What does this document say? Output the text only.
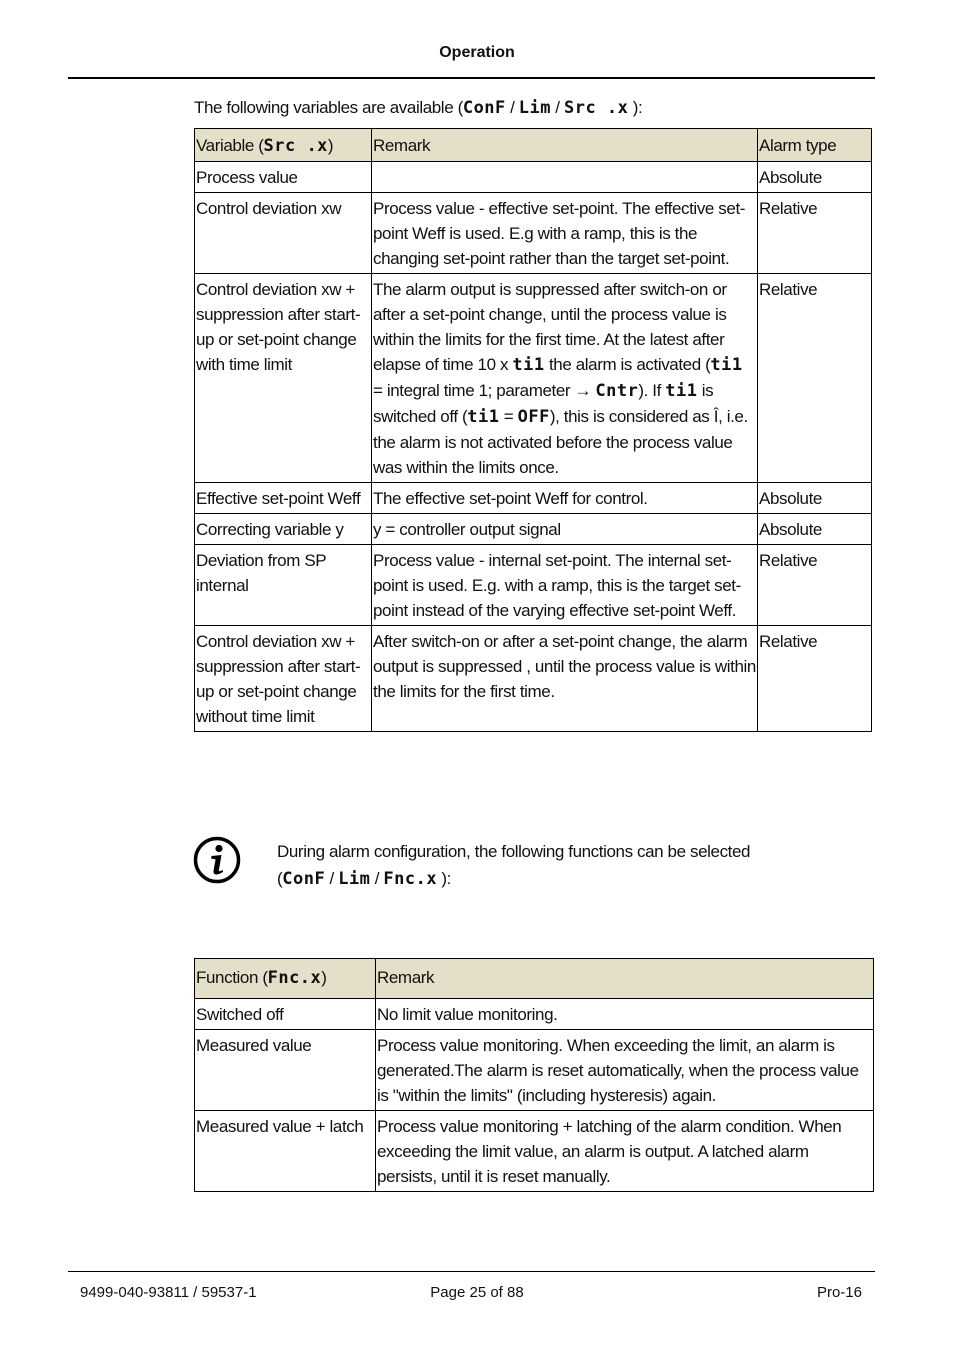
Operation
The following variables are available (ConF / Lim / Src .x ):
Variable (Src .x)	Remark	Alarm type
Process value		Absolute
Control deviation xw	Process value - effective set-point. The effective set-point Weff is used. E.g with a ramp, this is the changing set-point rather than the target set-point.	Relative
Control deviation xw + suppression after start-up or set-point change with time limit	The alarm output is suppressed after switch-on or after a set-point change, until the process value is within the limits for the first time. At the latest after elapse of time 10 x ti1 the alarm is activated (ti1 = integral time 1; parameter → Cntr). If ti1 is switched off (ti1 = OFF), this is considered as Î, i.e. the alarm is not activated before the process value was within the limits once.	Relative
Effective set-point Weff	The effective set-point Weff for control.	Absolute
Correcting variable y	y = controller output signal	Absolute
Deviation from SP internal	Process value - internal set-point. The internal set-point is used. E.g. with a ramp, this is the target set-point instead of the varying effective set-point Weff.	Relative
Control deviation xw + suppression after start-up or set-point change without time limit	After switch-on or after a set-point change, the alarm output is suppressed , until the process value is within the limits for the first time.	Relative
During alarm configuration, the following functions can be selected
(ConF / Lim / Fnc.x ):
Function (Fnc.x)	Remark
Switched off	No limit value monitoring.
Measured value	Process value monitoring. When exceeding the limit, an alarm is generated.The alarm is reset automatically, when the process value is "within the limits" (including hysteresis) again.
Measured value + latch	Process value monitoring + latching of the alarm condition. When exceeding the limit value, an alarm is output. A latched alarm persists, until it is reset manually.
9499-040-93811 / 59537-1	Page 25 of 88	Pro-16
